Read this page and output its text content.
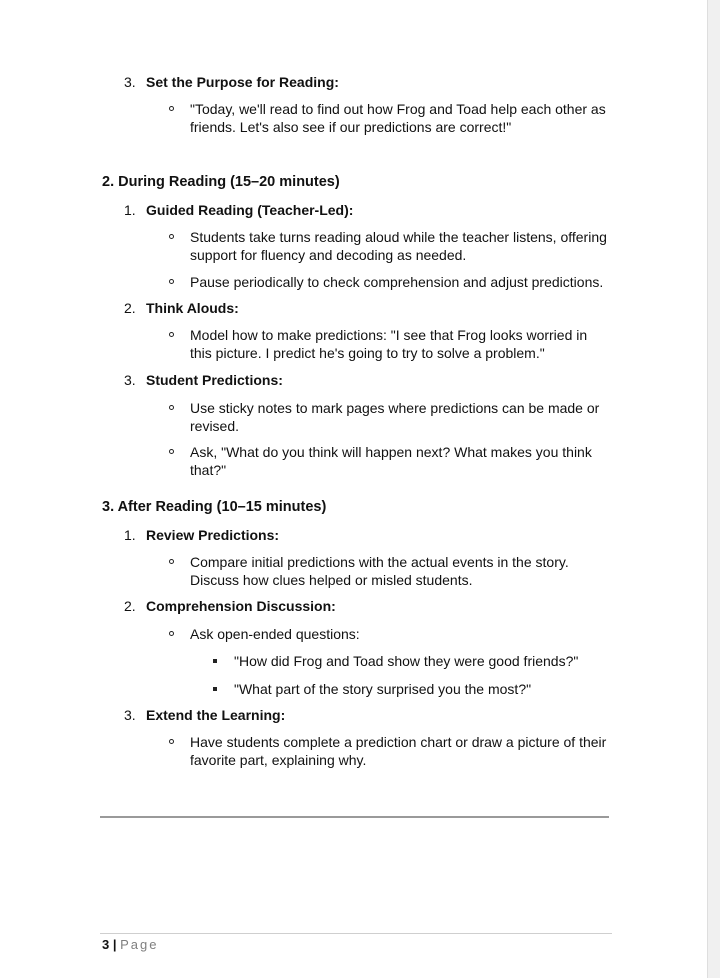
3. Set the Purpose for Reading:
"Today, we'll read to find out how Frog and Toad help each other as friends. Let's also see if our predictions are correct!"
2. During Reading (15–20 minutes)
1. Guided Reading (Teacher-Led):
Students take turns reading aloud while the teacher listens, offering support for fluency and decoding as needed.
Pause periodically to check comprehension and adjust predictions.
2. Think Alouds:
Model how to make predictions: "I see that Frog looks worried in this picture. I predict he's going to try to solve a problem."
3. Student Predictions:
Use sticky notes to mark pages where predictions can be made or revised.
Ask, "What do you think will happen next? What makes you think that?"
3. After Reading (10–15 minutes)
1. Review Predictions:
Compare initial predictions with the actual events in the story. Discuss how clues helped or misled students.
2. Comprehension Discussion:
Ask open-ended questions:
"How did Frog and Toad show they were good friends?"
"What part of the story surprised you the most?"
3. Extend the Learning:
Have students complete a prediction chart or draw a picture of their favorite part, explaining why.
3 | Page
